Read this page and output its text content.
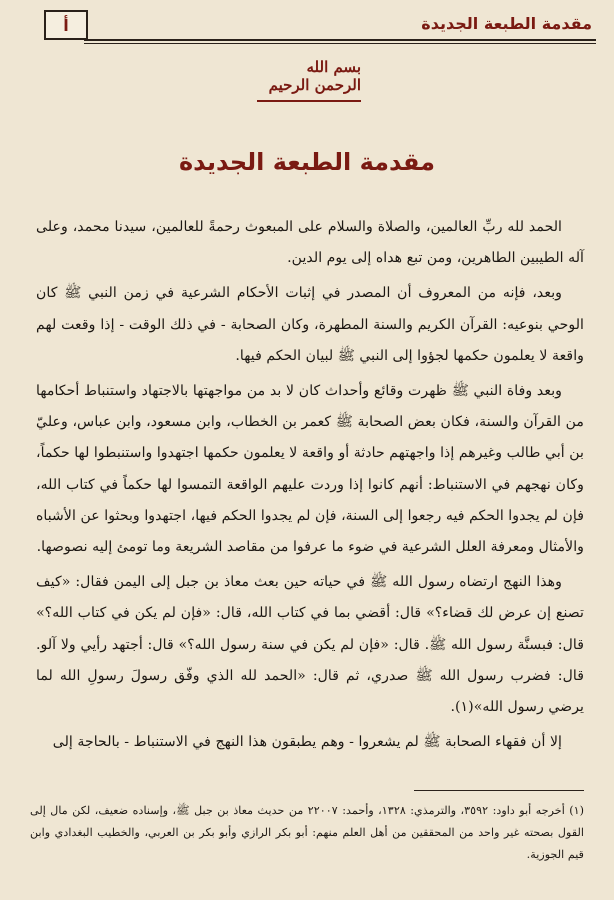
مقدمة الطبعة الجديدة
أ
بسم الله الرحمن الرحيم
مقدمة الطبعة الجديدة

الحمد لله ربِّ العالمين، والصلاة والسلام على المبعوث رحمةً للعالمين، سيدنا محمد، وعلى آله الطيبين الطاهرين، ومن تبع هداه إلى يوم الدين.

وبعد، فإنه من المعروف أن المصدر في إثبات الأحكام الشرعية في زمن النبي ﷺ كان الوحي بنوعيه: القرآن الكريم والسنة المطهرة، وكان الصحابة - في ذلك الوقت - إذا وقعت لهم واقعة لا يعلمون حكمها لجؤوا إلى النبي ﷺ لبيان الحكم فيها.

وبعد وفاة النبي ﷺ ظهرت وقائع وأحداث كان لا بد من مواجهتها بالاجتهاد واستنباط أحكامها من القرآن والسنة، فكان بعض الصحابة ﷺ كعمر بن الخطاب، وابن مسعود، وابن عباس، وعليّ بن أبي طالب وغيرهم إذا واجهتهم حادثة أو واقعة لا يعلمون حكمها اجتهدوا واستنبطوا لها حكماً، وكان نهجهم في الاستنباط: أنهم كانوا إذا وردت عليهم الواقعة التمسوا لها حكماً في كتاب الله، فإن لم يجدوا الحكم فيه رجعوا إلى السنة، فإن لم يجدوا الحكم فيها، اجتهدوا وبحثوا عن الأشباه والأمثال ومعرفة العلل الشرعية في ضوء ما عرفوا من مقاصد الشريعة وما تومئ إليه نصوصها.

وهذا النهج ارتضاه رسول الله ﷺ في حياته حين بعث معاذ بن جبل إلى اليمن فقال: «كيف تصنع إن عرض لك قضاء؟» قال: أقضي بما في كتاب الله، قال: «فإن لم يكن في كتاب الله؟» قال: فبسنَّة رسول الله ﷺ. قال: «فإن لم يكن في سنة رسول الله؟» قال: أجتهد رأيي ولا آلو. قال: فضرب رسول الله ﷺ صدري، ثم قال: «الحمد لله الذي وفّق رسولَ رسولِ الله لما يرضي رسول الله»(١).

إلا أن فقهاء الصحابة ﷺ لم يشعروا - وهم يطبقون هذا النهج في الاستنباط - بالحاجة إلى

(١) أخرجه أبو داود: ٣٥٩٢، والترمذي: ١٣٢٨، وأحمد: ٢٢٠٠٧ من حديث معاذ بن جبل ﷺ، وإسناده ضعيف، لكن مال إلى القول بصحته غير واحد من المحققين من أهل العلم منهم: أبو بكر الرازي وأبو بكر بن العربي، والخطيب البغدادي وابن قيم الجوزية.
